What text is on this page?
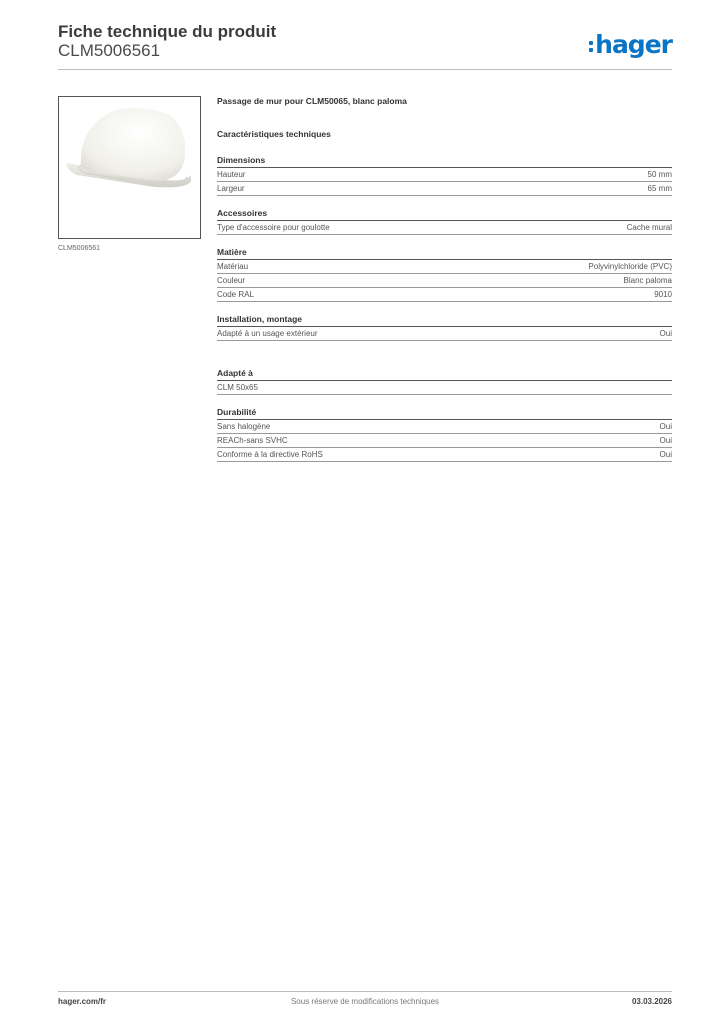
Fiche technique du produit
CLM5006561	hager
CLM5006561
Passage de mur pour CLM50065, blanc paloma
Caractéristiques techniques
Dimensions
Hauteur	50 mm
Largeur	65 mm
Accessoires
Type d'accessoire pour goulotte	Cache mural
Matière
Matériau	Polyvinylchloride (PVC)
Couleur	Blanc paloma
Code RAL	9010
Installation, montage
Adapté à un usage extérieur	Oui
Adapté à
CLM 50x65
Durabilité
Sans halogène	Oui
REACh-sans SVHC	Oui
Conforme à la directive RoHS	Oui
hager.com/fr	Sous réserve de modifications techniques	03.03.2026
